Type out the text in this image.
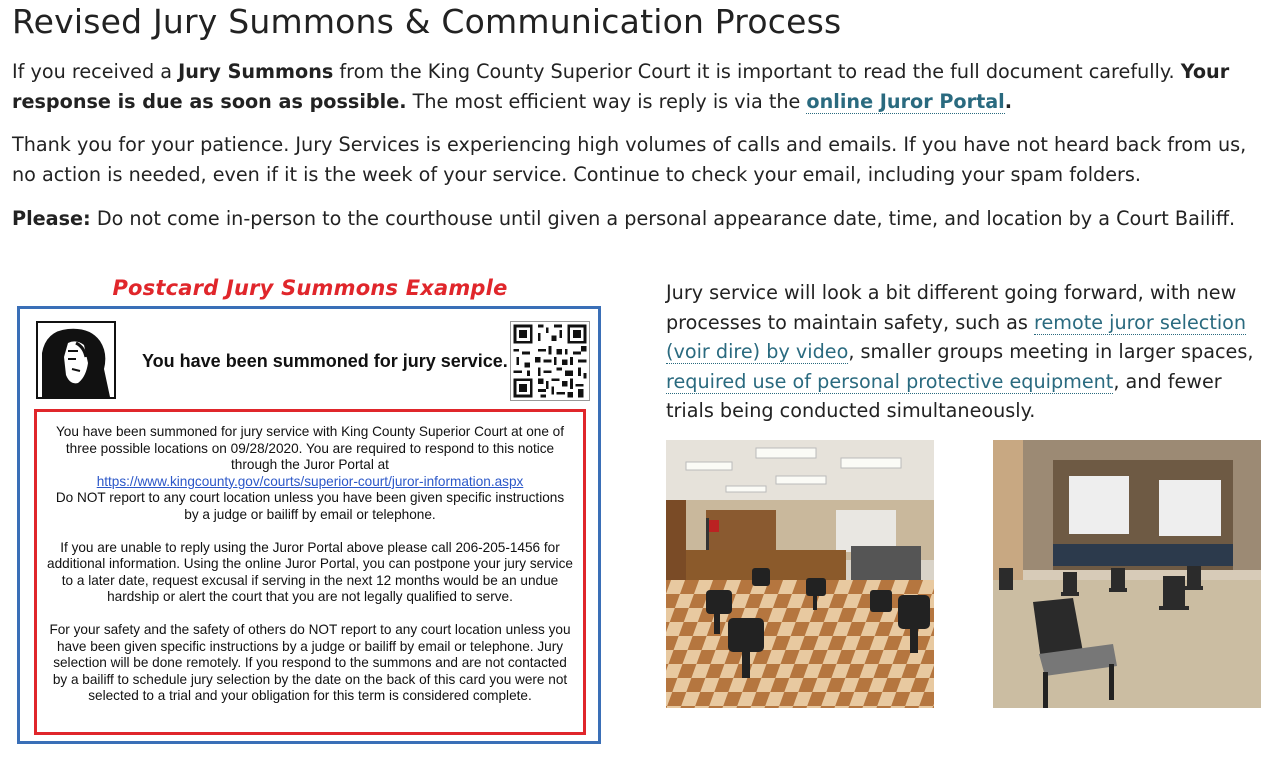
Revised Jury Summons & Communication Process

If you received a Jury Summons from the King County Superior Court it is important to read the full document carefully. Your response is due as soon as possible. The most efficient way is reply is via the online Juror Portal.

Thank you for your patience. Jury Services is experiencing high volumes of calls and emails. If you have not heard back from us, no action is needed, even if it is the week of your service. Continue to check your email, including your spam folders.

Please: Do not come in-person to the courthouse until given a personal appearance date, time, and location by a Court Bailiff.

Postcard Jury Summons Example
You have been summoned for jury service.

You have been summoned for jury service with King County Superior Court at one of three possible locations on 09/28/2020. You are required to respond to this notice through the Juror Portal at
https://www.kingcounty.gov/courts/superior-court/juror-information.aspx
Do NOT report to any court location unless you have been given specific instructions by a judge or bailiff by email or telephone.

If you are unable to reply using the Juror Portal above please call 206-205-1456 for additional information. Using the online Juror Portal, you can postpone your jury service to a later date, request excusal if serving in the next 12 months would be an undue hardship or alert the court that you are not legally qualified to serve.

For your safety and the safety of others do NOT report to any court location unless you have been given specific instructions by a judge or bailiff by email or telephone. Jury selection will be done remotely. If you respond to the summons and are not contacted by a bailiff to schedule jury selection by the date on the back of this card you were not selected to a trial and your obligation for this term is considered complete.

Jury service will look a bit different going forward, with new processes to maintain safety, such as remote juror selection (voir dire) by video, smaller groups meeting in larger spaces, required use of personal protective equipment, and fewer trials being conducted simultaneously.
